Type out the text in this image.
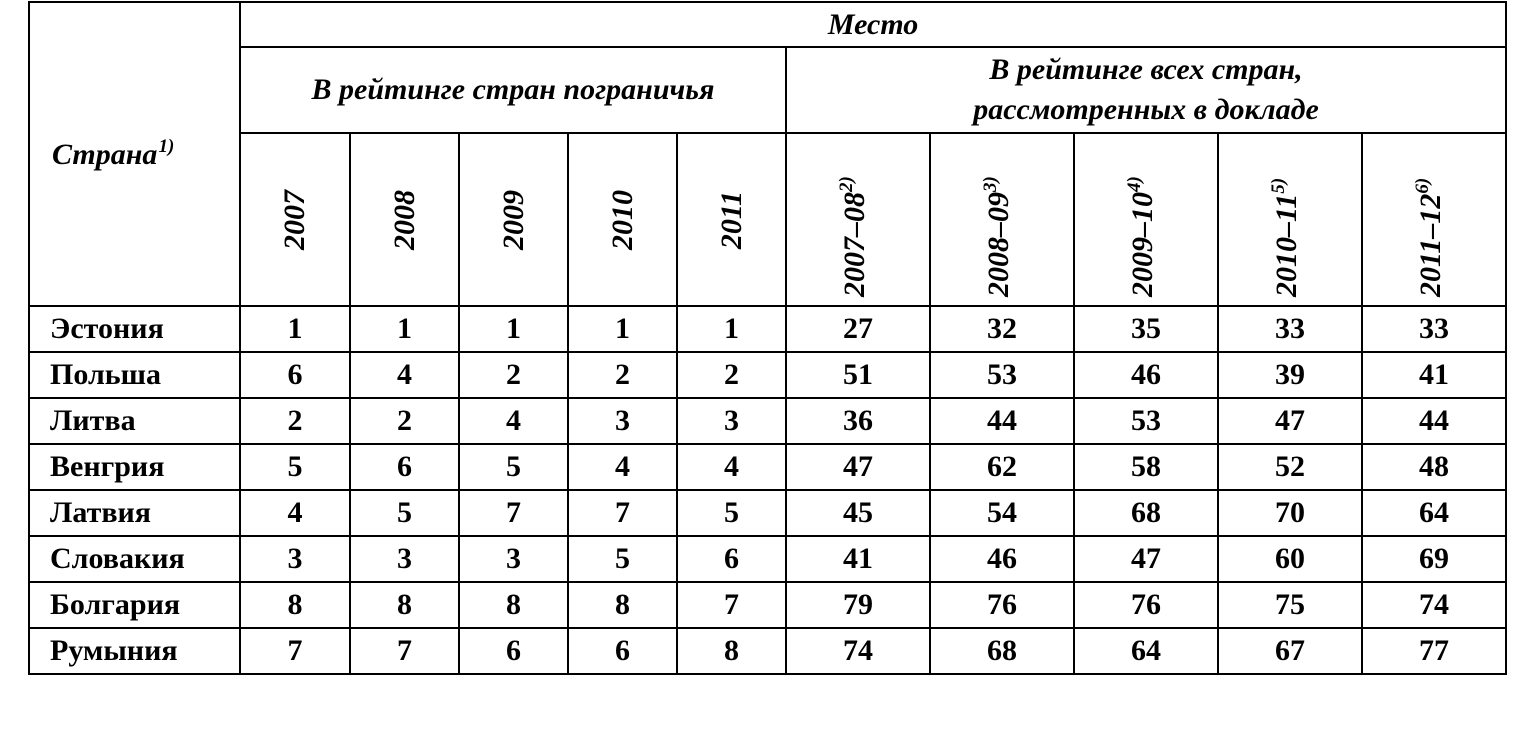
Страна$^{1)}$	Место									
	В рейтинге стран пограничья					В рейтинге всех стран,
рассмотренных в докладе				

	2007	2008	2009	2010	2011	2007–08$^{2)}$	2008–09$^{3)}$	2009–10$^{4)}$	2010–11$^{5)}$	2011–12$^{6)}$

Эстония	1	1	1	1	1	27	32	35	33	33
Польша	6	4	2	2	2	51	53	46	39	41
Литва	2	2	4	3	3	36	44	53	47	44
Венгрия	5	6	5	4	4	47	62	58	52	48
Латвия	4	5	7	7	5	45	54	68	70	64
Словакия	3	3	3	5	6	41	46	47	60	69
Болгария	8	8	8	8	7	79	76	76	75	74
Румыния	7	7	6	6	8	74	68	64	67	77
